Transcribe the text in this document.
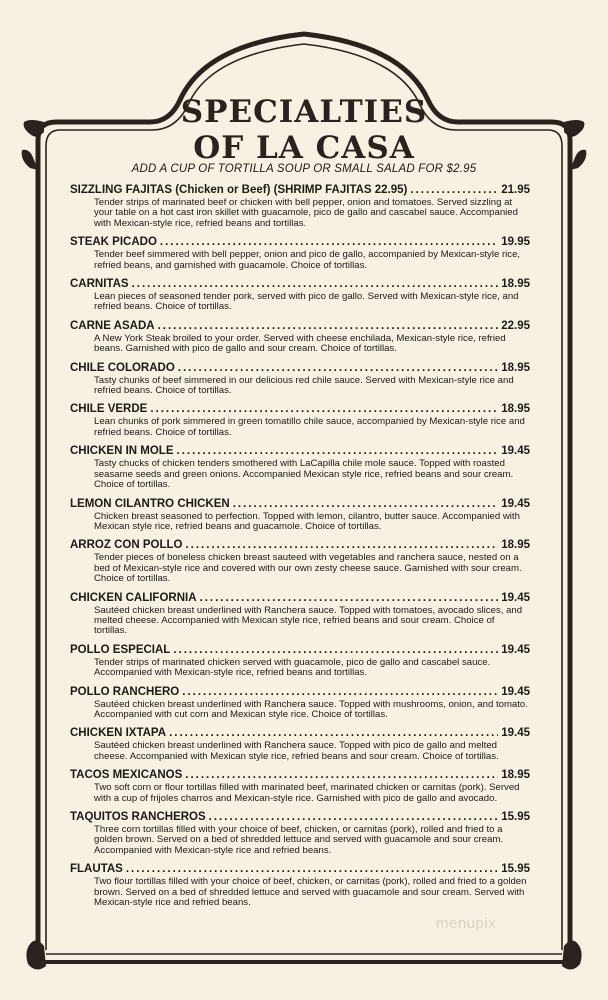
SPECIALTIES
OF LA CASA
ADD A CUP OF TORTILLA SOUP OR SMALL SALAD FOR $2.95
SIZZLING FAJITAS (Chicken or Beef) (SHRIMP FAJITAS 22.95) .....	21.95
Tender strips of marinated beef or chicken with bell pepper, onion and tomatoes. Served sizzling at your table on a hot cast iron skillet with guacamole, pico de gallo and cascabel sauce. Accompanied with Mexican-style rice, refried beans and tortillas.
STEAK PICADO .....	19.95
Tender beef simmered with bell pepper, onion and pico de gallo, accompanied by Mexican-style rice, refried beans, and garnished with guacamole. Choice of tortillas.
CARNITAS .....	18.95
Lean pieces of seasoned tender pork, served with pico de gallo. Served with Mexican-style rice, and refried beans. Choice of tortillas.
CARNE ASADA .....	22.95
A New York Steak broiled to your order. Served with cheese enchilada, Mexican-style rice, refried beans. Garnished with pico de gallo and sour cream. Choice of tortillas.
CHILE COLORADO .....	18.95
Tasty chunks of beef simmered in our delicious red chile sauce. Served with Mexican-style rice and refried beans. Choice of tortillas.
CHILE VERDE .....	18.95
Lean chunks of pork simmered in green tomatillo chile sauce, accompanied by Mexican-style rice and refried beans. Choice of tortillas.
CHICKEN IN MOLE .....	19.45
Tasty chucks of chicken tenders smothered with LaCapilla chile mole sauce. Topped with roasted seasame seeds and green onions. Accompanied Mexican style rice, refried beans and sour cream. Choice of tortillas.
LEMON CILANTRO CHICKEN .....	19.45
Chicken breast seasoned to perfection. Topped with lemon, cilantro, butter sauce. Accompanied with Mexican style rice, refried beans and guacamole. Choice of tortillas.
ARROZ CON POLLO .....	18.95
Tender pieces of boneless chicken breast sauteed with vegetables and ranchera sauce, nested on a bed of Mexican-style rice and covered with our own zesty cheese sauce. Garnished with sour cream. Choice of tortillas.
CHICKEN CALIFORNIA .....	19.45
Sautéed chicken breast underlined with Ranchera sauce. Topped with tomatoes, avocado slices, and melted cheese. Accompanied with Mexican style rice, refried beans and sour cream. Choice of tortillas.
POLLO ESPECIAL .....	19.45
Tender strips of marinated chicken served with guacamole, pico de gallo and cascabel sauce. Accompanied with Mexican-style rice, refried beans and tortillas.
POLLO RANCHERO .....	19.45
Sautéed chicken breast underlined with Ranchera sauce. Topped with mushrooms, onion, and tomato. Accompanied with cut corn and Mexican style rice. Choice of tortillas.
CHICKEN IXTAPA .....	19.45
Sautéed chicken breast underlined with Ranchera sauce. Topped with pico de gallo and melted cheese. Accompanied with Mexican style rice, refried beans and sour cream. Choice of tortillas.
TACOS MEXICANOS .....	18.95
Two soft corn or flour tortillas filled with marinated beef, marinated chicken or carnitas (pork). Served with a cup of frijoles charros and Mexican-style rice. Garnished with pico de gallo and avocado.
TAQUITOS RANCHEROS .....	15.95
Three corn tortillas filled with your choice of beef, chicken, or carnitas (pork), rolled and fried to a golden brown. Served on a bed of shredded lettuce and served with guacamole and sour cream. Accompanied with Mexican-style rice and refried beans.
FLAUTAS .....	15.95
Two flour tortillas filled with your choice of beef, chicken, or carnitas (pork), rolled and fried to a golden brown. Served on a bed of shredded lettuce and served with guacamole and sour cream. Served with Mexican-style rice and refried beans.
menupix
